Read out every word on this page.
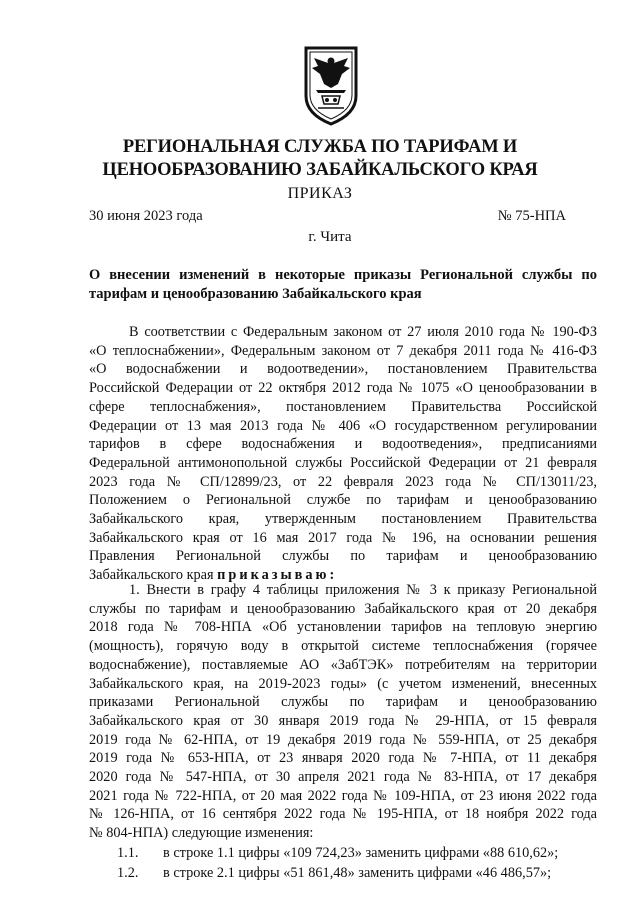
РЕГИОНАЛЬНАЯ СЛУЖБА ПО ТАРИФАМ И
ЦЕНООБРАЗОВАНИЮ ЗАБАЙКАЛЬСКОГО КРАЯ
ПРИКАЗ
30 июня 2023 года	№ 75-НПА
г. Чита
О внесении изменений в некоторые приказы Региональной службы по
тарифам и ценообразованию Забайкальского края
В соответствии с Федеральным законом от 27 июля 2010 года № 190-ФЗ
«О теплоснабжении», Федеральным законом от 7 декабря 2011 года № 416-ФЗ
«О водоснабжении и водоотведении», постановлением Правительства
Российской Федерации от 22 октября 2012 года № 1075 «О ценообразовании в
сфере теплоснабжения», постановлением Правительства Российской
Федерации от 13 мая 2013 года № 406 «О государственном регулировании
тарифов в сфере водоснабжения и водоотведения», предписаниями
Федеральной антимонопольной службы Российской Федерации от 21 февраля
2023 года № СП/12899/23, от 22 февраля 2023 года № СП/13011/23,
Положением о Региональной службе по тарифам и ценообразованию
Забайкальского края, утвержденным постановлением Правительства
Забайкальского края от 16 мая 2017 года № 196, на основании решения
Правления Региональной службы по тарифам и ценообразованию
Забайкальского края приказываю:
1. Внести в графу 4 таблицы приложения № 3 к приказу Региональной
службы по тарифам и ценообразованию Забайкальского края от 20 декабря
2018 года № 708-НПА «Об установлении тарифов на тепловую энергию
(мощность), горячую воду в открытой системе теплоснабжения (горячее
водоснабжение), поставляемые АО «ЗабТЭК» потребителям на территории
Забайкальского края, на 2019-2023 годы» (с учетом изменений, внесенных
приказами Региональной службы по тарифам и ценообразованию
Забайкальского края от 30 января 2019 года № 29-НПА, от 15 февраля
2019 года № 62-НПА, от 19 декабря 2019 года № 559-НПА, от 25 декабря
2019 года № 653-НПА, от 23 января 2020 года № 7-НПА, от 11 декабря
2020 года № 547-НПА, от 30 апреля 2021 года № 83-НПА, от 17 декабря
2021 года № 722-НПА, от 20 мая 2022 года № 109-НПА, от 23 июня 2022 года
№ 126-НПА, от 16 сентября 2022 года № 195-НПА, от 18 ноября 2022 года
№ 804-НПА) следующие изменения:
1.1. в строке 1.1 цифры «109 724,23» заменить цифрами «88 610,62»;
1.2. в строке 2.1 цифры «51 861,48» заменить цифрами «46 486,57»;
